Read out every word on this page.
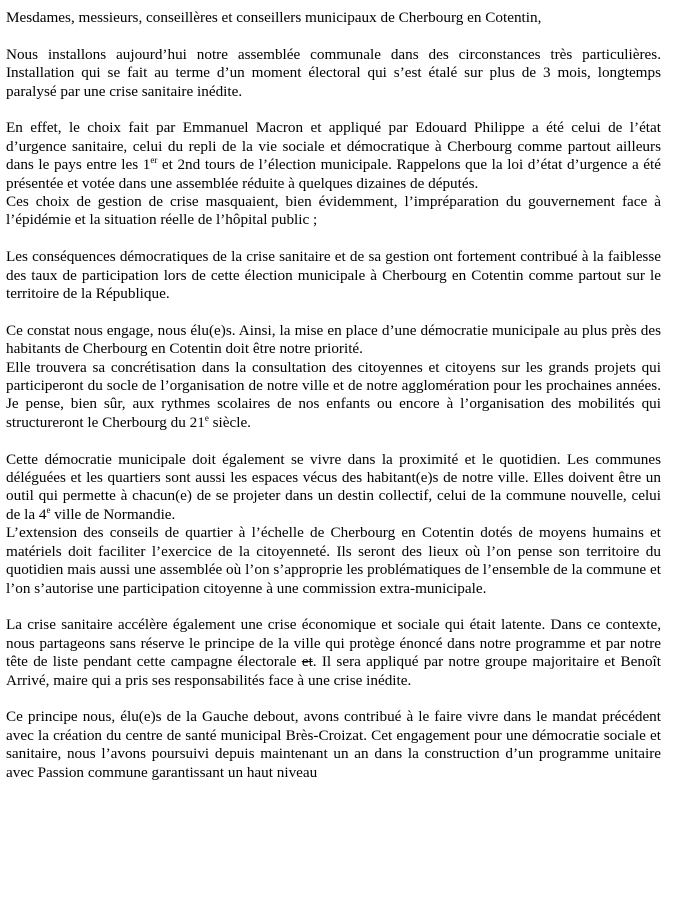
Mesdames, messieurs, conseillères et conseillers municipaux de Cherbourg en Cotentin,

Nous installons aujourd’hui notre assemblée communale dans des circonstances très particulières. Installation qui se fait au terme d’un moment électoral qui s’est étalé sur plus de 3 mois, longtemps paralysé par une crise sanitaire inédite.

En effet, le choix fait par Emmanuel Macron et appliqué par Edouard Philippe a été celui de l’état d’urgence sanitaire, celui du repli de la vie sociale et démocratique à Cherbourg comme partout ailleurs dans le pays entre les 1er et 2nd tours de l’élection municipale. Rappelons que la loi d’état d’urgence a été présentée et votée dans une assemblée réduite à quelques dizaines de députés.

Ces choix de gestion de crise masquaient, bien évidemment, l’impréparation du gouvernement face à l’épidémie et la situation réelle de l’hôpital public ;

Les conséquences démocratiques de la crise sanitaire et de sa gestion ont fortement contribué à la faiblesse des taux de participation lors de cette élection municipale à Cherbourg en Cotentin comme partout sur le territoire de la République.

Ce constat nous engage, nous élu(e)s. Ainsi, la mise en place d’une démocratie municipale au plus près des habitants de Cherbourg en Cotentin doit être notre priorité.

Elle trouvera sa concrétisation dans la consultation des citoyennes et citoyens sur les grands projets qui participeront du socle de l’organisation de notre ville et de notre agglomération pour les prochaines années. Je pense, bien sûr, aux rythmes scolaires de nos enfants ou encore à l’organisation des mobilités qui structureront le Cherbourg du 21e siècle.

Cette démocratie municipale doit également se vivre dans la proximité et le quotidien. Les communes déléguées et les quartiers sont aussi les espaces vécus des habitant(e)s de notre ville. Elles doivent être un outil qui permette à chacun(e) de se projeter dans un destin collectif, celui de la commune nouvelle, celui de la 4e ville de Normandie.

L’extension des conseils de quartier à l’échelle de Cherbourg en Cotentin dotés de moyens humains et matériels doit faciliter l’exercice de la citoyenneté. Ils seront des lieux où l’on pense son territoire du quotidien mais aussi une assemblée où l’on s’approprie les problématiques de l’ensemble de la commune et l’on s’autorise une participation citoyenne à une commission extra-municipale.

La crise sanitaire accélère également une crise économique et sociale qui était latente. Dans ce contexte, nous partageons sans réserve le principe de la ville qui protège énoncé dans notre programme et par notre tête de liste pendant cette campagne électorale et. Il sera appliqué par notre groupe majoritaire et Benoît Arrivé, maire qui a pris ses responsabilités face à une crise inédite.

Ce principe nous, élu(e)s de la Gauche debout, avons contribué à le faire vivre dans le mandat précédent avec la création du centre de santé municipal Brès-Croizat. Cet engagement pour une démocratie sociale et sanitaire, nous l’avons poursuivi depuis maintenant un an dans la construction d’un programme unitaire avec Passion commune garantissant un haut niveau
